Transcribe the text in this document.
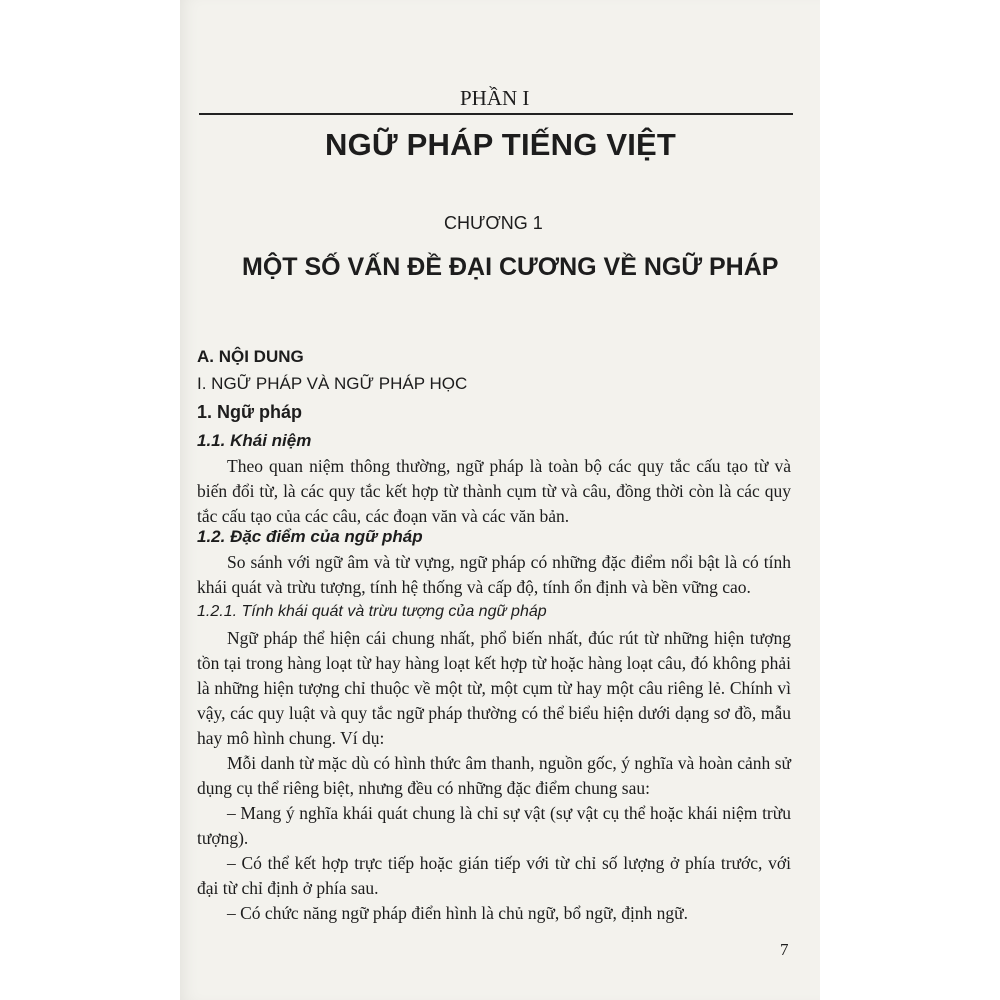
PHẦN I
NGỮ PHÁP TIẾNG VIỆT
CHƯƠNG 1
MỘT SỐ VẤN ĐỀ ĐẠI CƯƠNG VỀ NGỮ PHÁP
A. NỘI DUNG
I. NGỮ PHÁP VÀ NGỮ PHÁP HỌC
1. Ngữ pháp
1.1. Khái niệm

Theo quan niệm thông thường, ngữ pháp là toàn bộ các quy tắc cấu tạo từ và biến đổi từ, là các quy tắc kết hợp từ thành cụm từ và câu, đồng thời còn là các quy tắc cấu tạo của các câu, các đoạn văn và các văn bản.

1.2. Đặc điểm của ngữ pháp

So sánh với ngữ âm và từ vựng, ngữ pháp có những đặc điểm nổi bật là có tính khái quát và trừu tượng, tính hệ thống và cấp độ, tính ổn định và bền vững cao.

1.2.1. Tính khái quát và trừu tượng của ngữ pháp

Ngữ pháp thể hiện cái chung nhất, phổ biến nhất, đúc rút từ những hiện tượng tồn tại trong hàng loạt từ hay hàng loạt kết hợp từ hoặc hàng loạt câu, đó không phải là những hiện tượng chỉ thuộc về một từ, một cụm từ hay một câu riêng lẻ. Chính vì vậy, các quy luật và quy tắc ngữ pháp thường có thể biểu hiện dưới dạng sơ đồ, mẫu hay mô hình chung. Ví dụ:

Mỗi danh từ mặc dù có hình thức âm thanh, nguồn gốc, ý nghĩa và hoàn cảnh sử dụng cụ thể riêng biệt, nhưng đều có những đặc điểm chung sau:

– Mang ý nghĩa khái quát chung là chỉ sự vật (sự vật cụ thể hoặc khái niệm trừu tượng).

– Có thể kết hợp trực tiếp hoặc gián tiếp với từ chỉ số lượng ở phía trước, với đại từ chỉ định ở phía sau.

– Có chức năng ngữ pháp điển hình là chủ ngữ, bổ ngữ, định ngữ.

7
